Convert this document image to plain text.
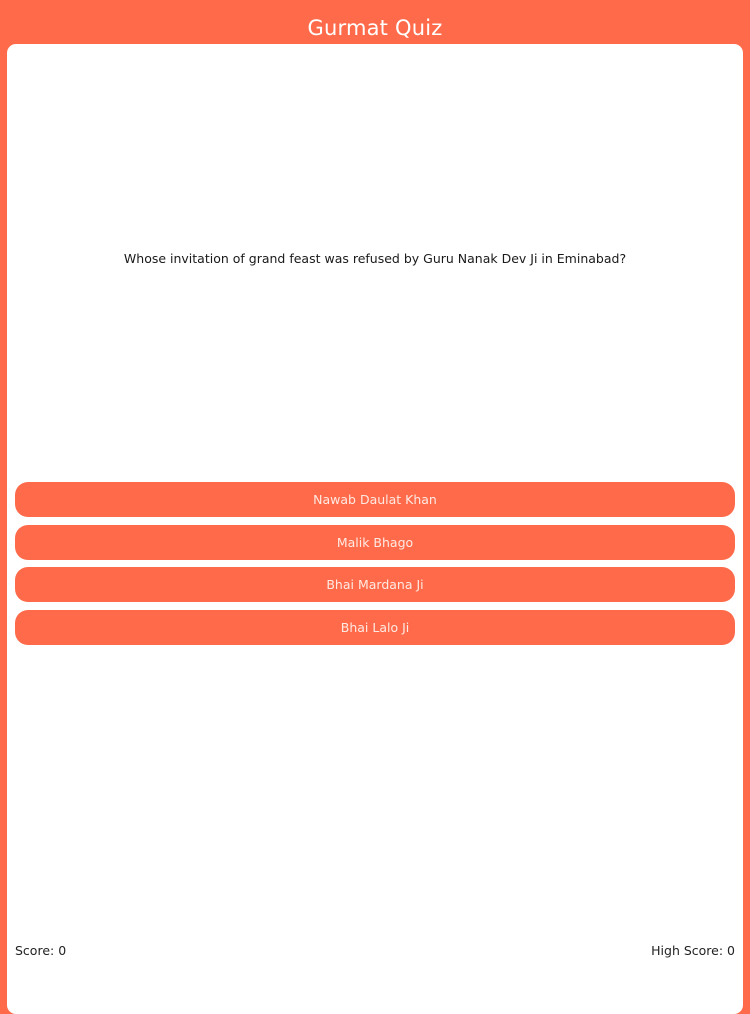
Gurmat Quiz
Whose invitation of grand feast was refused by Guru Nanak Dev Ji in Eminabad?
Nawab Daulat Khan
Malik Bhago
Bhai Mardana Ji
Bhai Lalo Ji
Score: 0	High Score: 0
